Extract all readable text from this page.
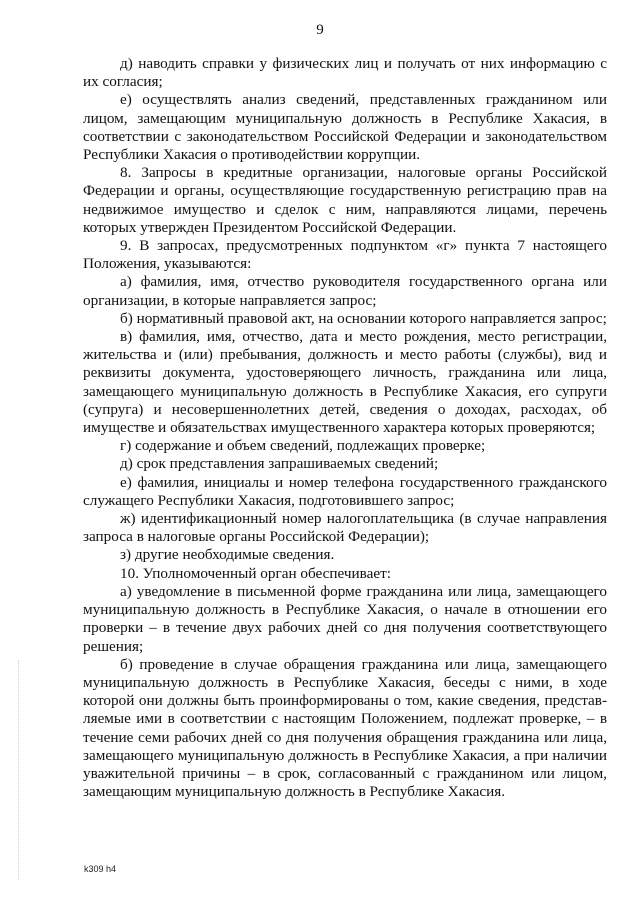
9

д) наводить справки у физических лиц и получать от них информацию с их согласия;

е) осуществлять анализ сведений, представленных гражданином или лицом, замещающим муниципальную должность в Республике Хакасия, в соответствии с законодательством Российской Федерации и законодательством Республики Хакасия о противодействии коррупции.

8. Запросы в кредитные организации, налоговые органы Российской Федерации и органы, осуществляющие государственную регистрацию прав на недвижимое имущество и сделок с ним, направляются лицами, перечень которых утвержден Президентом Российской Федерации.

9. В запросах, предусмотренных подпунктом «г» пункта 7 настоящего Положения, указываются:

а) фамилия, имя, отчество руководителя государственного органа или организации, в которые направляется запрос;

б) нормативный правовой акт, на основании которого направляется запрос;

в) фамилия, имя, отчество, дата и место рождения, место регистрации, жительства и (или) пребывания, должность и место работы (службы), вид и реквизиты документа, удостоверяющего личность, гражданина или лица, замещающего муниципальную должность в Республике Хакасия, его супруги (супруга) и несовершеннолетних детей, сведения о доходах, расходах, об имуществе и обязательствах имущественного характера которых проверяются;

г) содержание и объем сведений, подлежащих проверке;

д) срок представления запрашиваемых сведений;

е) фамилия, инициалы и номер телефона государственного гражданского служащего Республики Хакасия, подготовившего запрос;

ж) идентификационный номер налогоплательщика (в случае направления запроса в налоговые органы Российской Федерации);

з) другие необходимые сведения.

10. Уполномоченный орган обеспечивает:

а) уведомление в письменной форме гражданина или лица, замещающего муниципальную должность в Республике Хакасия, о начале в отношении его проверки – в течение двух рабочих дней со дня получения соответствующего решения;

б) проведение в случае обращения гражданина или лица, замещающего муниципальную должность в Республике Хакасия, беседы с ними, в ходе которой они должны быть проинформированы о том, какие сведения, представляемые ими в соответствии с настоящим Положением, подлежат проверке, – в течение семи рабочих дней со дня получения обращения гражданина или лица, замещающего муниципальную должность в Республике Хакасия, а при наличии уважительной причины – в срок, согласованный с гражданином или лицом, замещающим муниципальную должность в Республике Хакасия.

k309 h4
